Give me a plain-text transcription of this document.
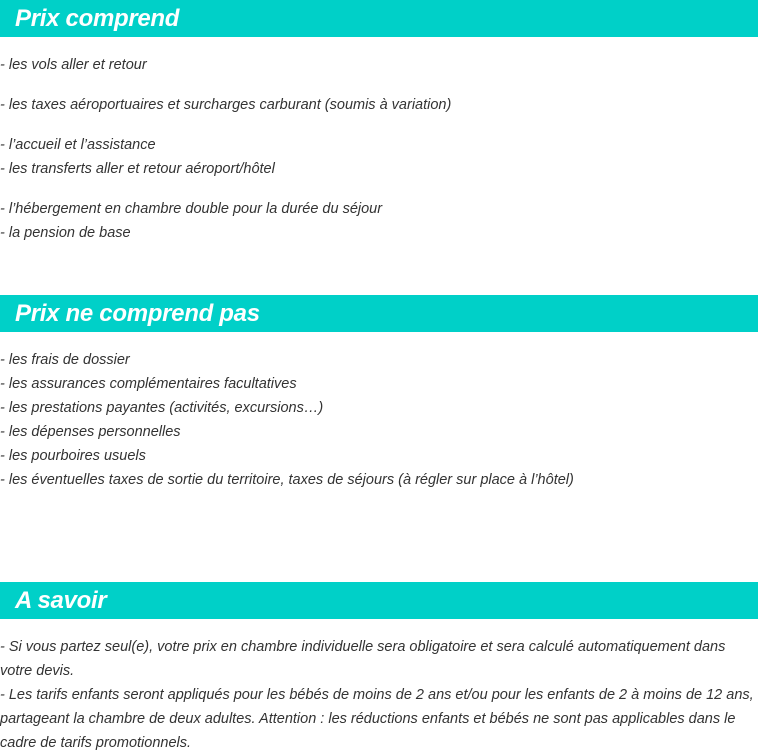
Prix comprend
- les vols aller et retour
- les taxes aéroportuaires et surcharges carburant (soumis à variation)
- l’accueil et l’assistance
- les transferts aller et retour aéroport/hôtel
- l’hébergement en chambre double pour la durée du séjour
- la pension de base
Prix ne comprend pas
- les frais de dossier
- les assurances complémentaires facultatives
- les prestations payantes (activités, excursions…)
- les dépenses personnelles
- les pourboires usuels
- les éventuelles taxes de sortie du territoire, taxes de séjours (à régler sur place à l’hôtel)
A savoir
- Si vous partez seul(e), votre prix en chambre individuelle sera obligatoire et sera calculé automatiquement dans votre devis.
- Les tarifs enfants seront appliqués pour les bébés de moins de 2 ans et/ou pour les enfants de 2 à moins de 12 ans, partageant la chambre de deux adultes. Attention : les réductions enfants et bébés ne sont pas applicables dans le cadre de tarifs promotionnels.
